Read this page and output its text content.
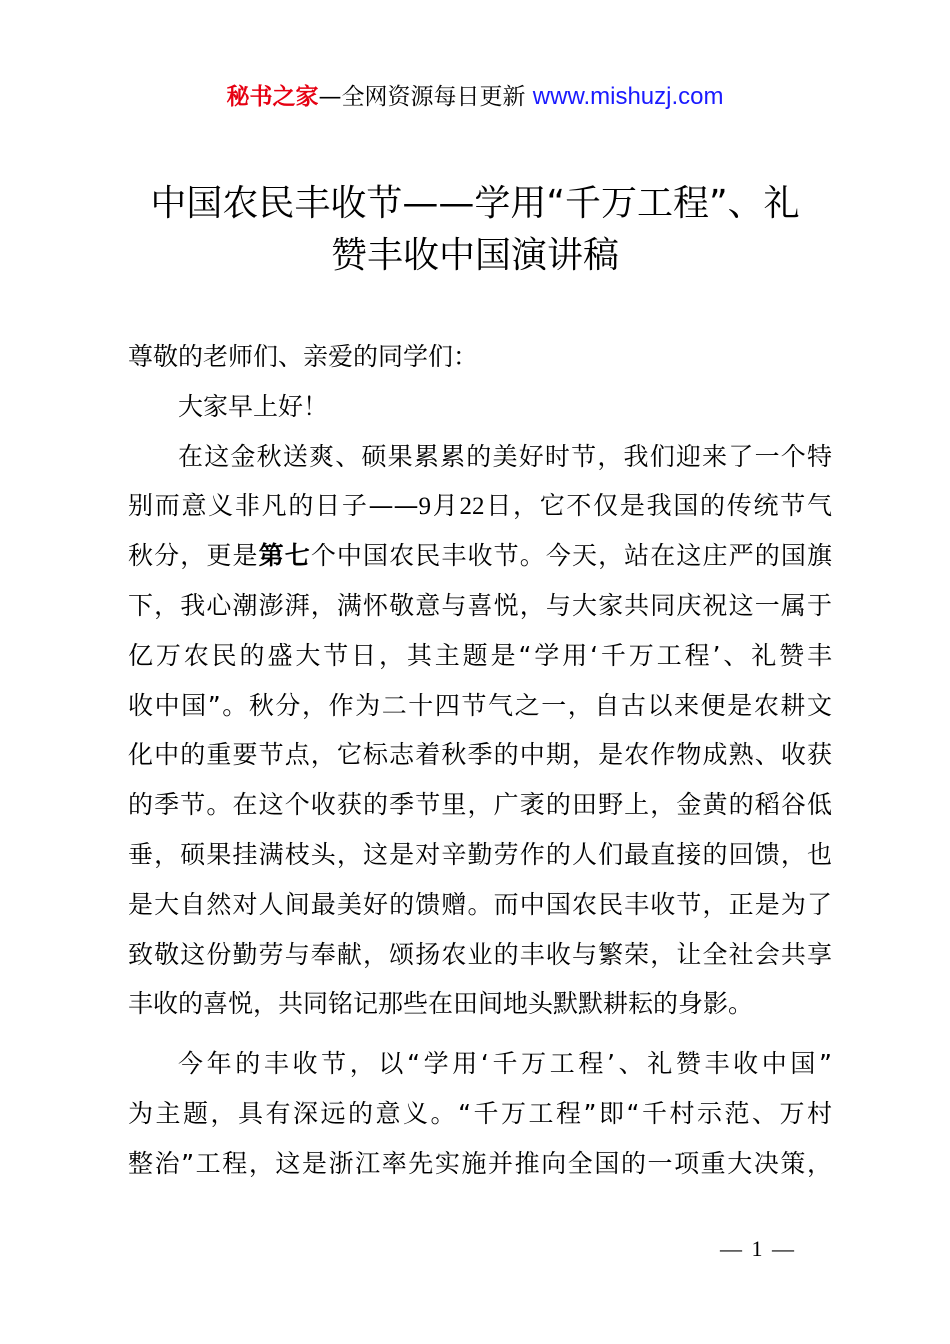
秘书之家—全网资源每日更新 www.mishuzj.com
中国农民丰收节——学用“千万工程”、礼
赞丰收中国演讲稿
尊敬的老师们、亲爱的同学们：
大家早上好！
在这金秋送爽、硕果累累的美好时节，我们迎来了一个特
别而意义非凡的日子——9月22日，它不仅是我国的传统节气
秋分，更是第七个中国农民丰收节。今天，站在这庄严的国旗
下，我心潮澎湃，满怀敬意与喜悦，与大家共同庆祝这一属于
亿万农民的盛大节日，其主题是“学用‘千万工程’、礼赞丰
收中国”。秋分，作为二十四节气之一，自古以来便是农耕文
化中的重要节点，它标志着秋季的中期，是农作物成熟、收获
的季节。在这个收获的季节里，广袤的田野上，金黄的稻谷低
垂，硕果挂满枝头，这是对辛勤劳作的人们最直接的回馈，也
是大自然对人间最美好的馈赠。而中国农民丰收节，正是为了
致敬这份勤劳与奉献，颂扬农业的丰收与繁荣，让全社会共享
丰收的喜悦，共同铭记那些在田间地头默默耕耘的身影。
今年的丰收节，以“学用‘千万工程’、礼赞丰收中国”
为主题，具有深远的意义。“千万工程”即“千村示范、万村
整治”工程，这是浙江率先实施并推向全国的一项重大决策，
— 1 —
